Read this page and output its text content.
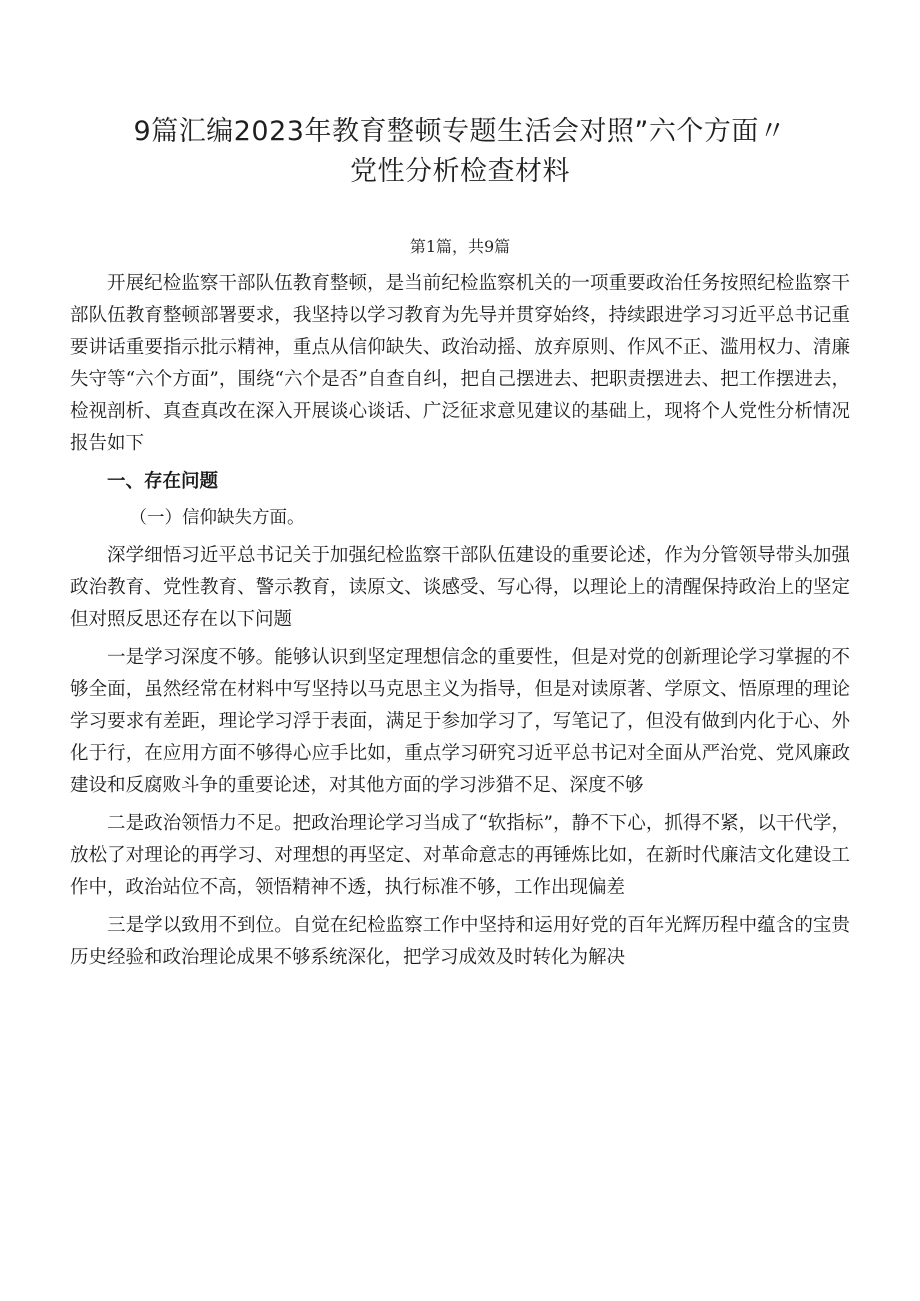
9篇汇编2023年教育整顿专题生活会对照”六个方面〃
党性分析检查材料
第1篇，共9篇

开展纪检监察干部队伍教育整顿，是当前纪检监察机关的一项重要政治任务按照纪检监察干部队伍教育整顿部署要求，我坚持以学习教育为先导并贯穿始终，持续跟进学习习近平总书记重要讲话重要指示批示精神，重点从信仰缺失、政治动摇、放弃原则、作风不正、滥用权力、清廉失守等“六个方面”，围绕“六个是否”自查自纠，把自己摆进去、把职责摆进去、把工作摆进去，检视剖析、真查真改在深入开展谈心谈话、广泛征求意见建议的基础上，现将个人党性分析情况报告如下

一、存在问题
（一）信仰缺失方面。

深学细悟习近平总书记关于加强纪检监察干部队伍建设的重要论述，作为分管领导带头加强政治教育、党性教育、警示教育，读原文、谈感受、写心得，以理论上的清醒保持政治上的坚定但对照反思还存在以下问题

一是学习深度不够。能够认识到坚定理想信念的重要性，但是对党的创新理论学习掌握的不够全面，虽然经常在材料中写坚持以马克思主义为指导，但是对读原著、学原文、悟原理的理论学习要求有差距，理论学习浮于表面，满足于参加学习了，写笔记了，但没有做到内化于心、外化于行，在应用方面不够得心应手比如，重点学习研究习近平总书记对全面从严治党、党风廉政建设和反腐败斗争的重要论述，对其他方面的学习涉猎不足、深度不够

二是政治领悟力不足。把政治理论学习当成了“软指标”，静不下心，抓得不紧，以干代学，放松了对理论的再学习、对理想的再坚定、对革命意志的再锤炼比如，在新时代廉洁文化建设工作中，政治站位不高，领悟精神不透，执行标准不够，工作出现偏差

三是学以致用不到位。自觉在纪检监察工作中坚持和运用好党的百年光辉历程中蕴含的宝贵历史经验和政治理论成果不够系统深化，把学习成效及时转化为解决
